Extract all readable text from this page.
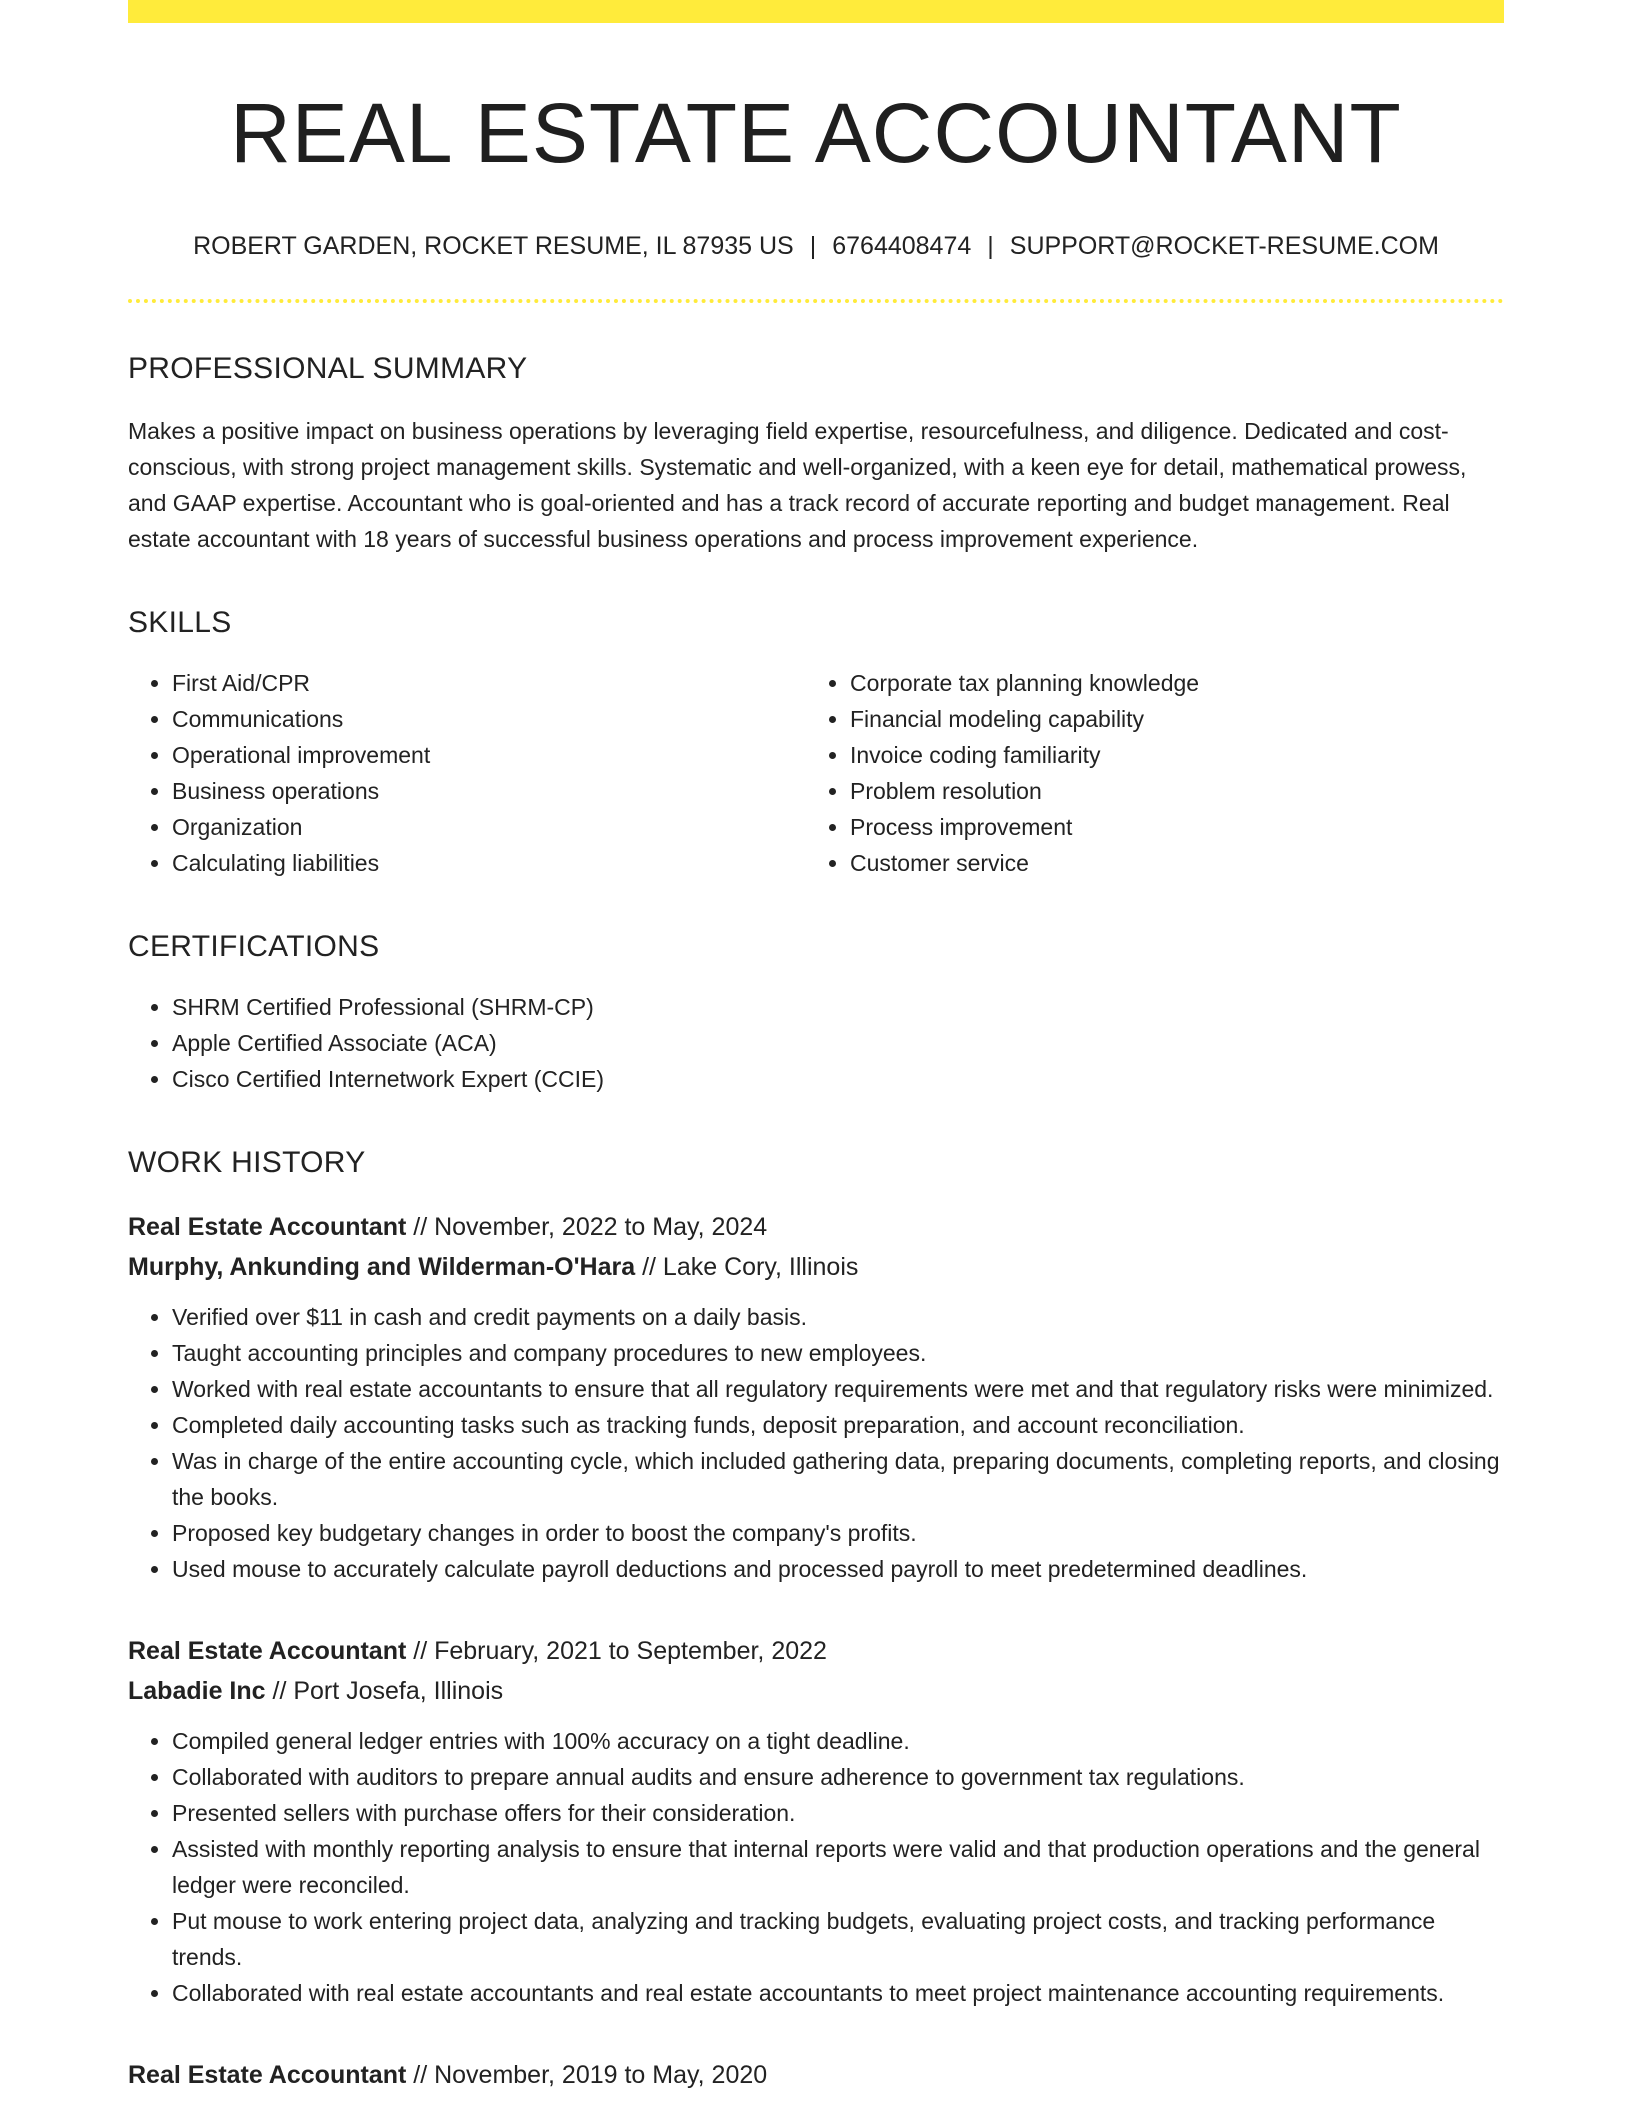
REAL ESTATE ACCOUNTANT
ROBERT GARDEN, ROCKET RESUME, IL 87935 US | 6764408474 | SUPPORT@ROCKET-RESUME.COM
PROFESSIONAL SUMMARY
Makes a positive impact on business operations by leveraging field expertise, resourcefulness, and diligence. Dedicated and cost-conscious, with strong project management skills. Systematic and well-organized, with a keen eye for detail, mathematical prowess, and GAAP expertise. Accountant who is goal-oriented and has a track record of accurate reporting and budget management. Real estate accountant with 18 years of successful business operations and process improvement experience.
SKILLS
• First Aid/CPR
• Communications
• Operational improvement
• Business operations
• Organization
• Calculating liabilities
• Corporate tax planning knowledge
• Financial modeling capability
• Invoice coding familiarity
• Problem resolution
• Process improvement
• Customer service
CERTIFICATIONS
• SHRM Certified Professional (SHRM-CP)
• Apple Certified Associate (ACA)
• Cisco Certified Internetwork Expert (CCIE)
WORK HISTORY
Real Estate Accountant // November, 2022 to May, 2024
Murphy, Ankunding and Wilderman-O'Hara // Lake Cory, Illinois
• Verified over $11 in cash and credit payments on a daily basis.
• Taught accounting principles and company procedures to new employees.
• Worked with real estate accountants to ensure that all regulatory requirements were met and that regulatory risks were minimized.
• Completed daily accounting tasks such as tracking funds, deposit preparation, and account reconciliation.
• Was in charge of the entire accounting cycle, which included gathering data, preparing documents, completing reports, and closing the books.
• Proposed key budgetary changes in order to boost the company's profits.
• Used mouse to accurately calculate payroll deductions and processed payroll to meet predetermined deadlines.
Real Estate Accountant // February, 2021 to September, 2022
Labadie Inc // Port Josefa, Illinois
• Compiled general ledger entries with 100% accuracy on a tight deadline.
• Collaborated with auditors to prepare annual audits and ensure adherence to government tax regulations.
• Presented sellers with purchase offers for their consideration.
• Assisted with monthly reporting analysis to ensure that internal reports were valid and that production operations and the general ledger were reconciled.
• Put mouse to work entering project data, analyzing and tracking budgets, evaluating project costs, and tracking performance trends.
• Collaborated with real estate accountants and real estate accountants to meet project maintenance accounting requirements.
Real Estate Accountant // November, 2019 to May, 2020
